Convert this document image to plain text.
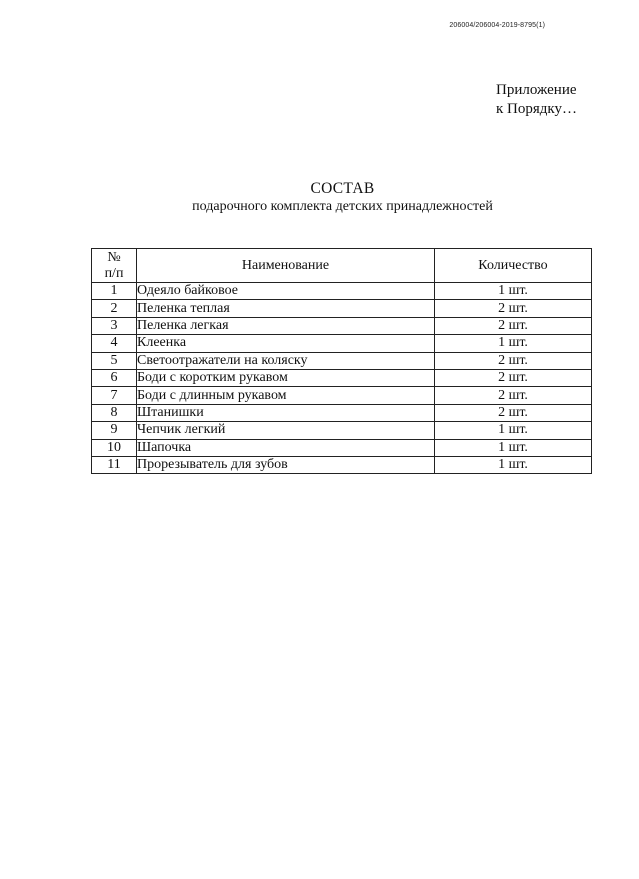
206004/206004-2019-8795(1)
Приложение
к Порядку…
СОСТАВ
подарочного комплекта детских принадлежностей
№
п/п	Наименование	Количество
1	Одеяло байковое	1 шт.
2	Пеленка теплая	2 шт.
3	Пеленка легкая	2 шт.
4	Клеенка	1 шт.
5	Светоотражатели на коляску	2 шт.
6	Боди с коротким рукавом	2 шт.
7	Боди с длинным рукавом	2 шт.
8	Штанишки	2 шт.
9	Чепчик легкий	1 шт.
10	Шапочка	1 шт.
11	Прорезыватель для зубов	1 шт.
